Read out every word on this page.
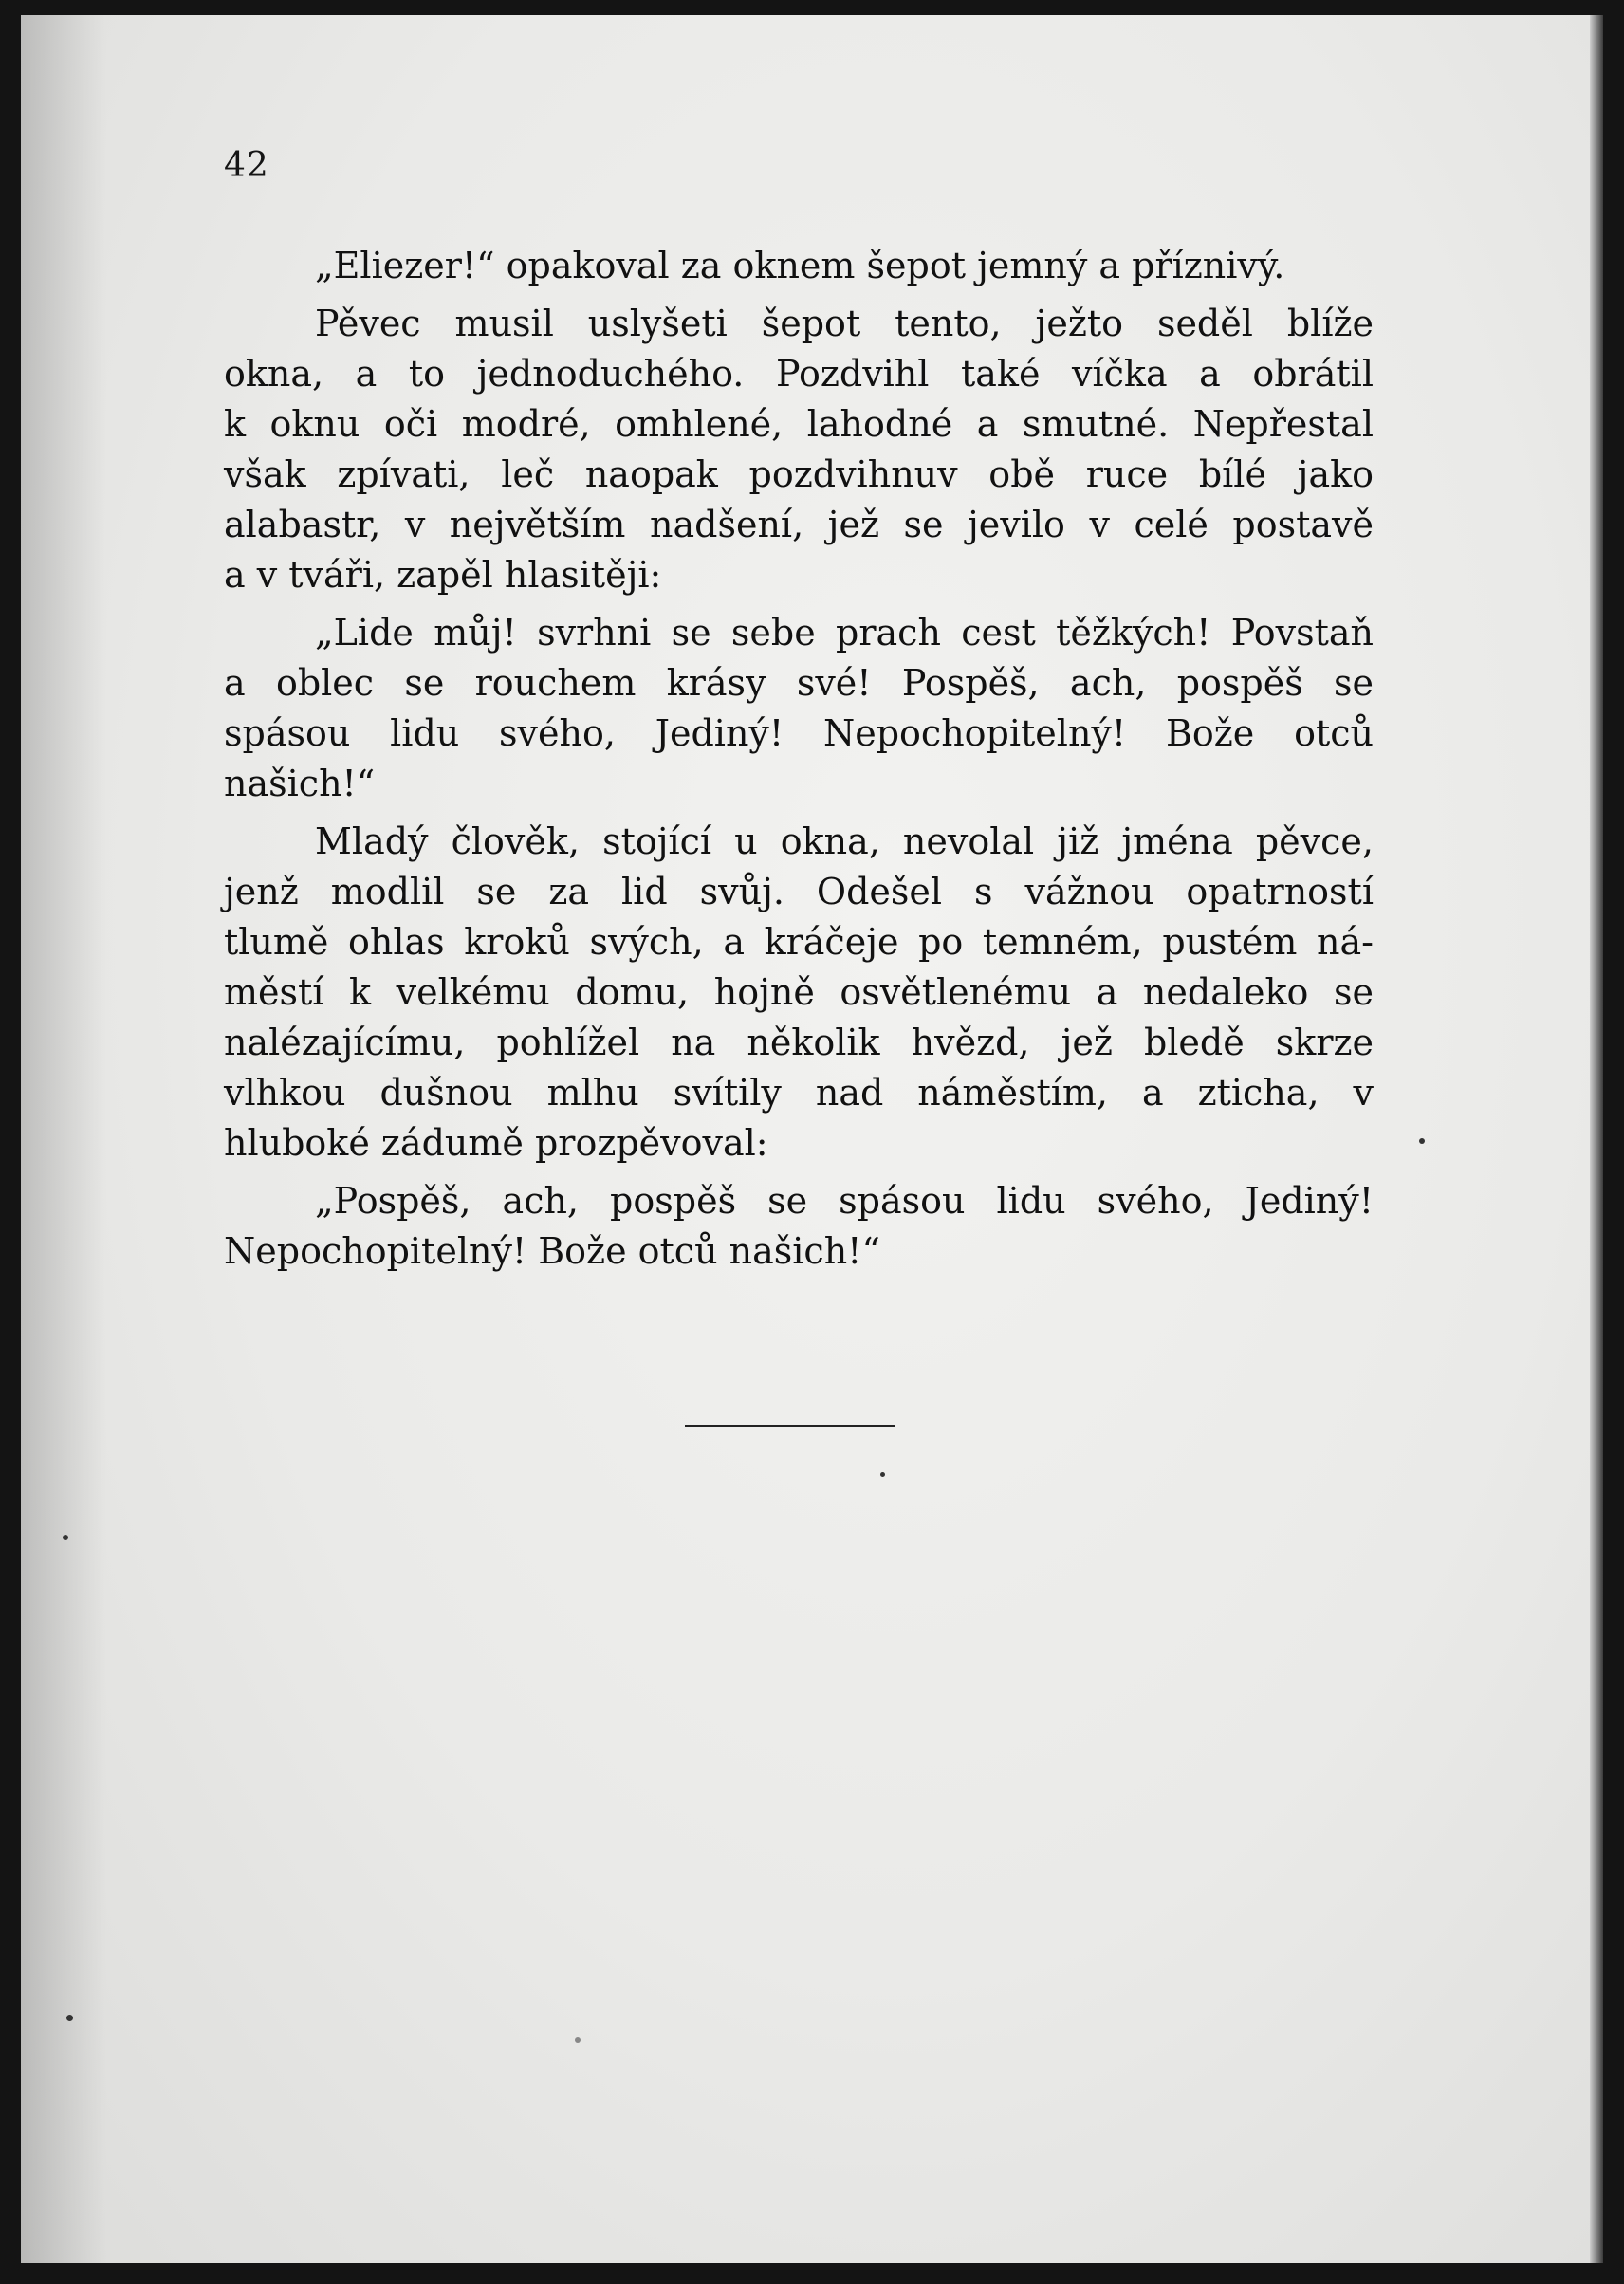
42

„Eliezer!“ opakoval za oknem šepot jemný a příznivý.

Pěvec musil uslyšeti šepot tento, ježto seděl blíže
okna, a to jednoduchého. Pozdvihl také víčka a obrátil
k oknu oči modré, omhlené, lahodné a smutné. Nepřestal
však zpívati, leč naopak pozdvihnuv obě ruce bílé jako
alabastr, v největším nadšení, jež se jevilo v celé postavě
a v tváři, zapěl hlasitěji:

„Lide můj! svrhni se sebe prach cest těžkých! Povstaň
a oblec se rouchem krásy své! Pospěš, ach, pospěš se
spásou lidu svého, Jediný! Nepochopitelný! Bože otců
našich!“

Mladý člověk, stojící u okna, nevolal již jména pěvce,
jenž modlil se za lid svůj. Odešel s vážnou opatrností
tlumě ohlas kroků svých, a kráčeje po temném, pustém ná-
městí k velkému domu, hojně osvětlenému a nedaleko se
nalézajícímu, pohlížel na několik hvězd, jež bledě skrze
vlhkou dušnou mlhu svítily nad náměstím, a zticha, v
hluboké zádumě prozpěvoval:

„Pospěš, ach, pospěš se spásou lidu svého, Jediný!
Nepochopitelný! Bože otců našich!“
